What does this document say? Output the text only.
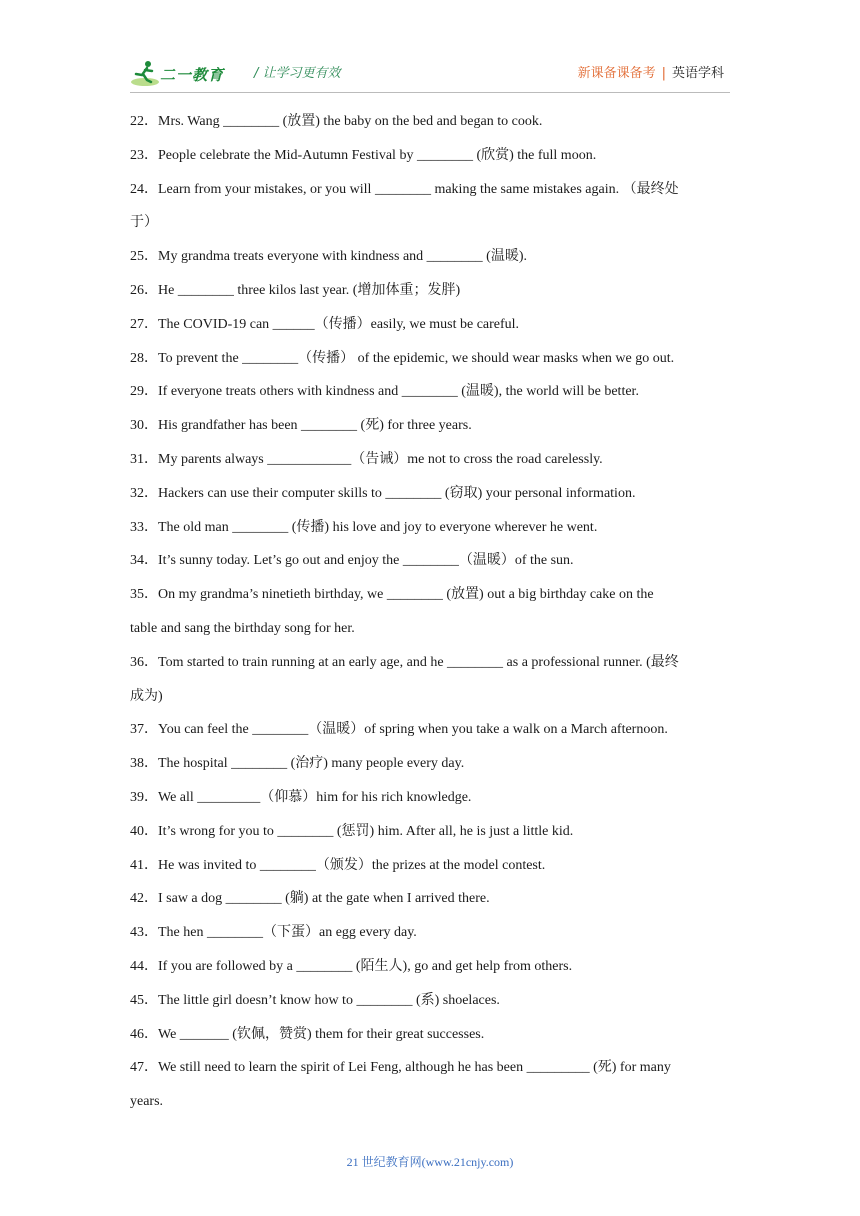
二一教育 / 让学习更有效	新课备课备考 | 英语学科
22．Mrs. Wang ________ (放置) the baby on the bed and began to cook.
23．People celebrate the Mid-Autumn Festival by ________ (欣赏) the full moon.
24．Learn from your mistakes, or you will ________ making the same mistakes again. （最终处
于）
25．My grandma treats everyone with kindness and ________ (温暖).
26．He ________ three kilos last year. (增加体重；发胖)
27．The COVID-19 can ______（传播）easily, we must be careful.
28．To prevent the ________（传播） of the epidemic, we should wear masks when we go out.
29．If everyone treats others with kindness and ________ (温暖), the world will be better.
30．His grandfather has been ________ (死) for three years.
31．My parents always ____________（告诫）me not to cross the road carelessly.
32．Hackers can use their computer skills to ________ (窃取) your personal information.
33．The old man ________ (传播) his love and joy to everyone wherever he went.
34．It’s sunny today. Let’s go out and enjoy the ________（温暖）of the sun.
35．On my grandma’s ninetieth birthday, we ________ (放置) out a big birthday cake on the
table and sang the birthday song for her.
36．Tom started to train running at an early age, and he ________ as a professional runner. (最终
成为)
37．You can feel the ________（温暖）of spring when you take a walk on a March afternoon.
38．The hospital ________ (治疗) many people every day.
39．We all _________（仰慕）him for his rich knowledge.
40．It’s wrong for you to ________ (惩罚) him. After all, he is just a little kid.
41．He was invited to ________（颁发）the prizes at the model contest.
42．I saw a dog ________ (躺) at the gate when I arrived there.
43．The hen ________（下蛋）an egg every day.
44．If you are followed by a ________ (陌生人), go and get help from others.
45．The little girl doesn’t know how to ________ (系) shoelaces.
46．We _______ (钦佩，赞赏) them for their great successes.
47．We still need to learn the spirit of Lei Feng, although he has been _________ (死) for many
years.
21 世纪教育网(www.21cnjy.com)
